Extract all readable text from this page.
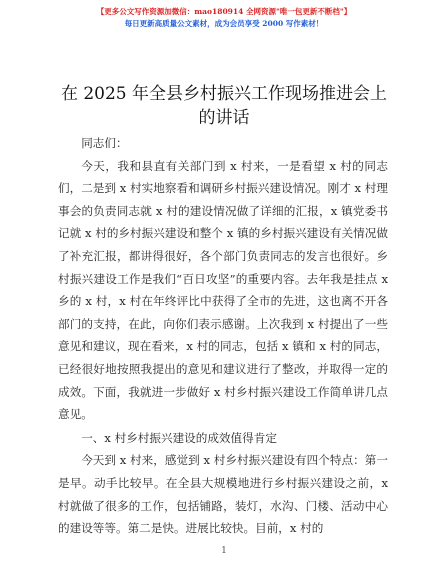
【更多公文写作资源加微信：mao180914 全网资源"唯一包更新不断档"】
每日更新高质量公文素材，成为会员享受 2000 写作素材！
在 2025 年全县乡村振兴工作现场推进会上的讲话

同志们：

今天，我和县直有关部门到 x 村来，一是看望 x 村的同志们，二是到 x 村实地察看和调研乡村振兴建设情况。刚才 x 村理事会的负责同志就 x 村的建设情况做了详细的汇报，x 镇党委书记就 x 村的乡村振兴建设和整个 x 镇的乡村振兴建设有关情况做了补充汇报，都讲得很好，各个部门负责同志的发言也很好。乡村振兴建设工作是我们“百日攻坚”的重要内容。去年我是挂点 x 乡的 x 村，x 村在年终评比中获得了全市的先进，这也离不开各部门的支持，在此，向你们表示感谢。上次我到 x 村提出了一些意见和建议，现在看来，x 村的同志，包括 x 镇和 x 村的同志，已经很好地按照我提出的意见和建议进行了整改，并取得一定的成效。下面，我就进一步做好 x 村乡村振兴建设工作简单讲几点意见。

一、x 村乡村振兴建设的成效值得肯定

今天到 x 村来，感觉到 x 村乡村振兴建设有四个特点：第一是早。动手比较早。在全县大规模地进行乡村振兴建设之前，x 村就做了很多的工作，包括铺路，装灯，水沟、门楼、活动中心的建设等等。第二是快。进展比较快。目前，x 村的

1
